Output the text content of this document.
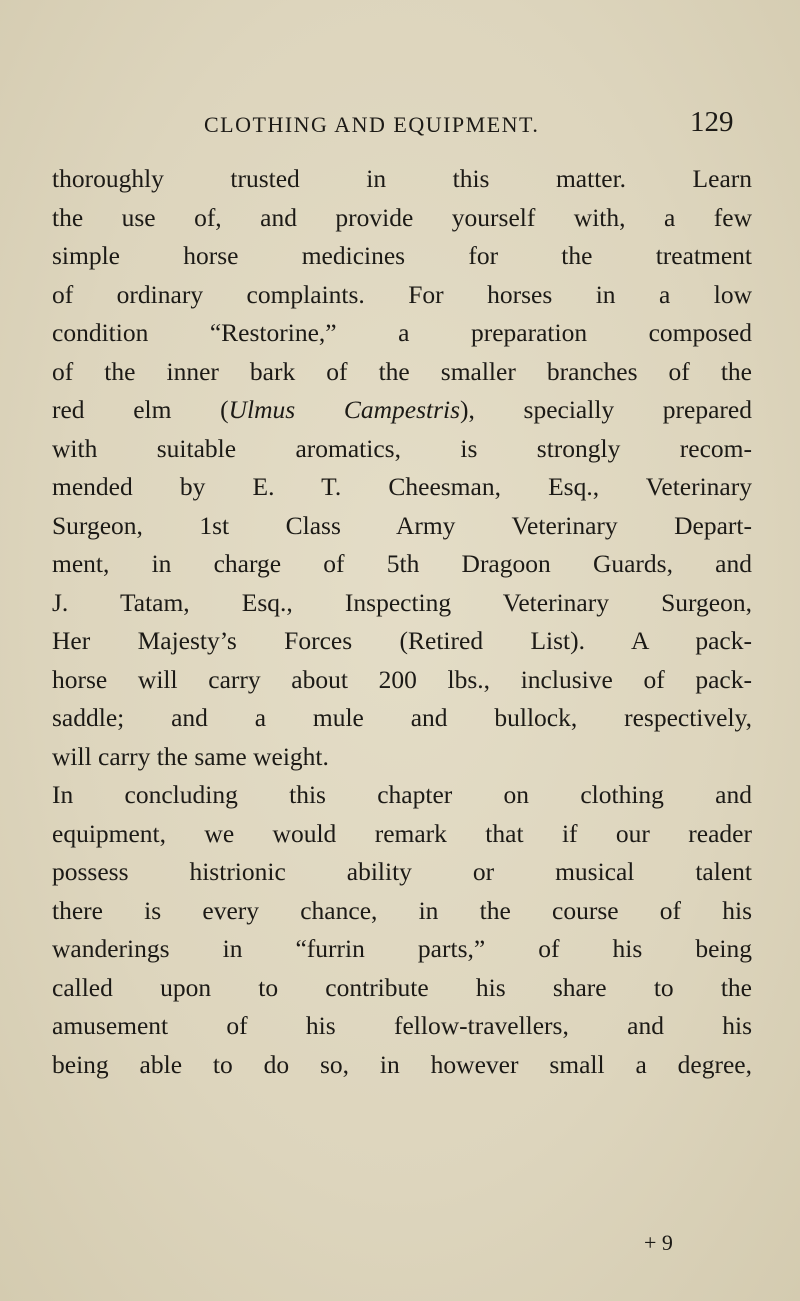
CLOTHING AND EQUIPMENT.	129
thoroughly trusted in this matter. Learn
the use of, and provide yourself with, a few
simple horse medicines for the treatment
of ordinary complaints. For horses in a low
condition “Restorine,” a preparation composed
of the inner bark of the smaller branches of the
red elm (Ulmus Campestris), specially prepared
with suitable aromatics, is strongly recom-
mended by E. T. Cheesman, Esq., Veterinary
Surgeon, 1st Class Army Veterinary Depart-
ment, in charge of 5th Dragoon Guards, and
J. Tatam, Esq., Inspecting Veterinary Surgeon,
Her Majesty’s Forces (Retired List). A pack-
horse will carry about 200 lbs., inclusive of pack-
saddle; and a mule and bullock, respectively,
will carry the same weight.
In concluding this chapter on clothing and
equipment, we would remark that if our reader
possess histrionic ability or musical talent
there is every chance, in the course of his
wanderings in “furrin parts,” of his being
called upon to contribute his share to the
amusement of his fellow-travellers, and his
being able to do so, in however small a degree,
+ 9
